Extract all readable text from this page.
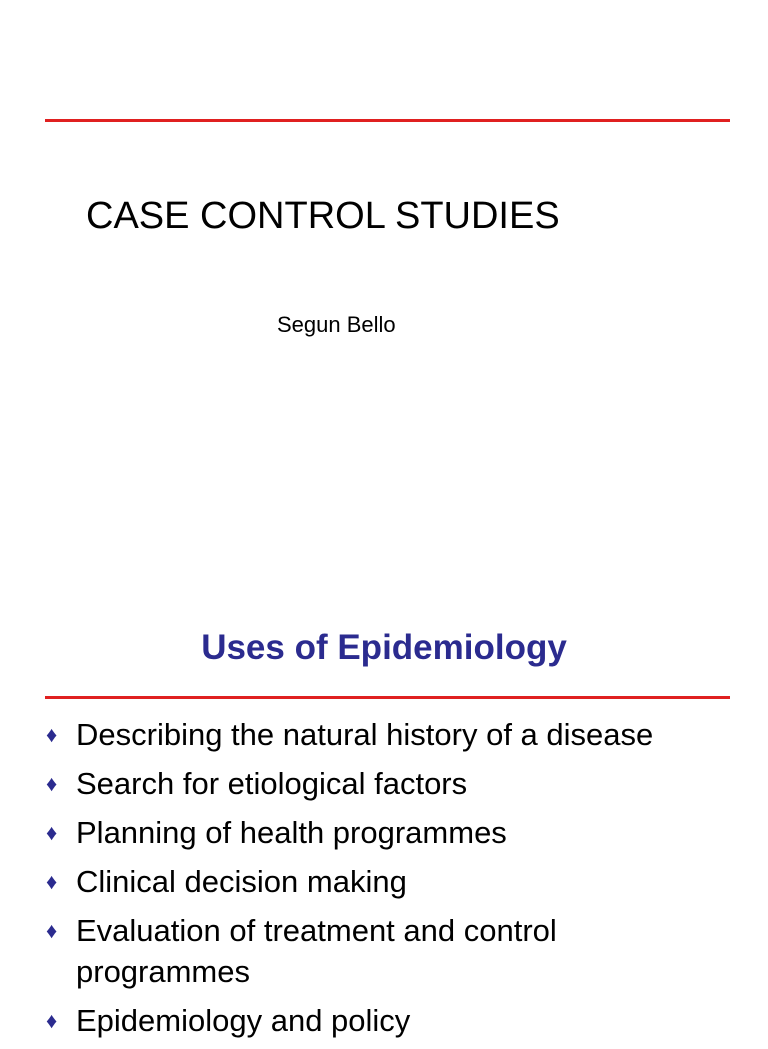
CASE CONTROL STUDIES

Segun Bello

Uses of Epidemiology
♦ Describing the natural history of a disease
♦ Search for etiological factors
♦ Planning of health programmes
♦ Clinical decision making
♦ Evaluation of treatment and control programmes
♦ Epidemiology and policy
